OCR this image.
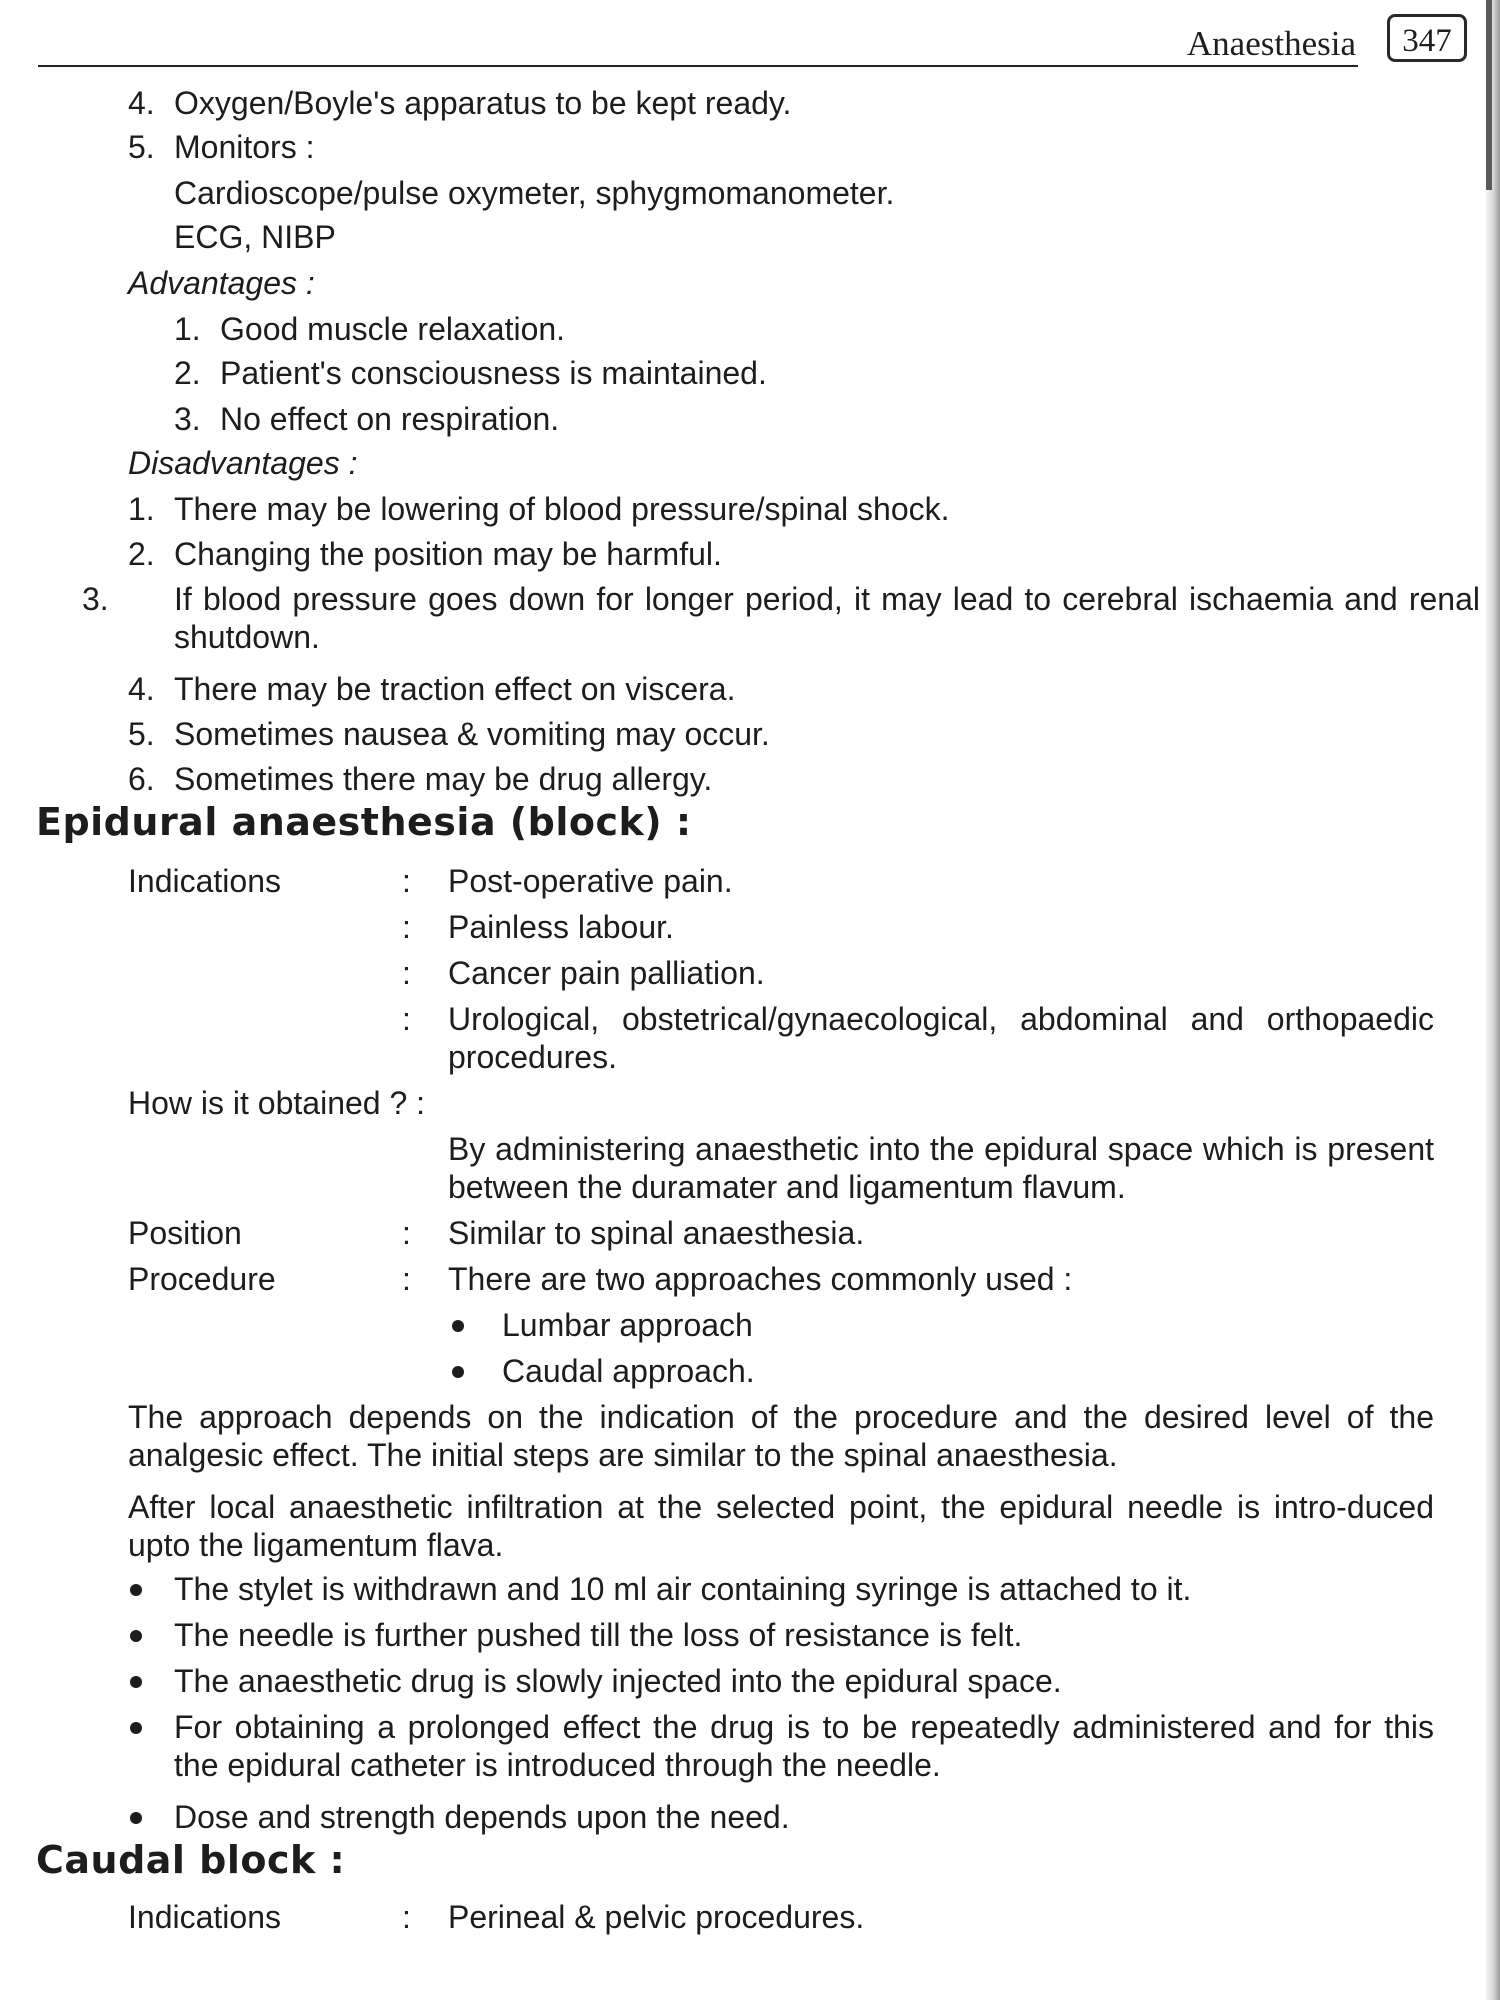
Anaesthesia	347
4. Oxygen/Boyle's apparatus to be kept ready.
5. Monitors :
Cardioscope/pulse oxymeter, sphygmomanometer.
ECG, NIBP
Advantages :
1. Good muscle relaxation.
2. Patient's consciousness is maintained.
3. No effect on respiration.
Disadvantages :
1. There may be lowering of blood pressure/spinal shock.
2. Changing the position may be harmful.
3. If blood pressure goes down for longer period, it may lead to cerebral ischaemia and renal shutdown.
4. There may be traction effect on viscera.
5. Sometimes nausea & vomiting may occur.
6. Sometimes there may be drug allergy.
Epidural anaesthesia (block) :
Indications	: Post-operative pain.
: Painless labour.
: Cancer pain palliation.
: Urological, obstetrical/gynaecological, abdominal and orthopaedic procedures.
How is it obtained ? :
By administering anaesthetic into the epidural space which is present between the duramater and ligamentum flavum.
Position	: Similar to spinal anaesthesia.
Procedure	: There are two approaches commonly used :
Lumbar approach
Caudal approach.
The approach depends on the indication of the procedure and the desired level of the analgesic effect. The initial steps are similar to the spinal anaesthesia.
After local anaesthetic infiltration at the selected point, the epidural needle is intro-duced upto the ligamentum flava.
The stylet is withdrawn and 10 ml air containing syringe is attached to it.
The needle is further pushed till the loss of resistance is felt.
The anaesthetic drug is slowly injected into the epidural space.
For obtaining a prolonged effect the drug is to be repeatedly administered and for this the epidural catheter is introduced through the needle.
Dose and strength depends upon the need.
Caudal block :
Indications	: Perineal & pelvic procedures.
